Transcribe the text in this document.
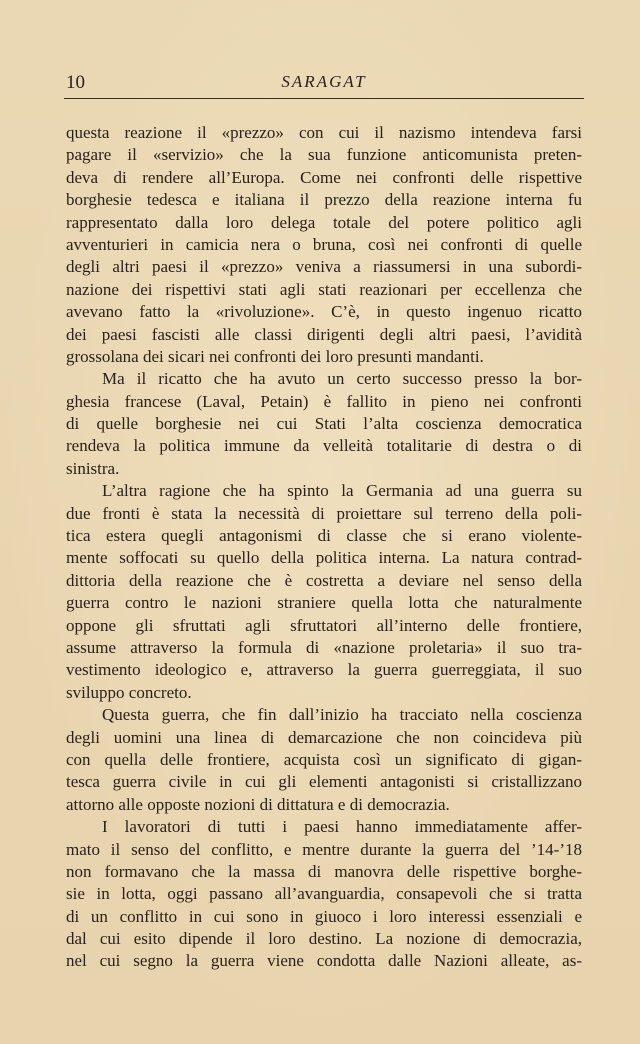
10	SARAGAT
questa reazione il «prezzo» con cui il nazismo intendeva farsi
pagare il «servizio» che la sua funzione anticomunista preten-
deva di rendere all’Europa. Come nei confronti delle rispettive
borghesie tedesca e italiana il prezzo della reazione interna fu
rappresentato dalla loro delega totale del potere politico agli
avventurieri in camicia nera o bruna, così nei confronti di quelle
degli altri paesi il «prezzo» veniva a riassumersi in una subordi-
nazione dei rispettivi stati agli stati reazionari per eccellenza che
avevano fatto la «rivoluzione». C’è, in questo ingenuo ricatto
dei paesi fascisti alle classi dirigenti degli altri paesi, l’avidità
grossolana dei sicari nei confronti dei loro presunti mandanti.
Ma il ricatto che ha avuto un certo successo presso la bor-
ghesia francese (Laval, Petain) è fallito in pieno nei confronti
di quelle borghesie nei cui Stati l’alta coscienza democratica
rendeva la politica immune da velleità totalitarie di destra o di
sinistra.
L’altra ragione che ha spinto la Germania ad una guerra su
due fronti è stata la necessità di proiettare sul terreno della poli-
tica estera quegli antagonismi di classe che si erano violente-
mente soffocati su quello della politica interna. La natura contrad-
dittoria della reazione che è costretta a deviare nel senso della
guerra contro le nazioni straniere quella lotta che naturalmente
oppone gli sfruttati agli sfruttatori all’interno delle frontiere,
assume attraverso la formula di «nazione proletaria» il suo tra-
vestimento ideologico e, attraverso la guerra guerreggiata, il suo
sviluppo concreto.
Questa guerra, che fin dall’inizio ha tracciato nella coscienza
degli uomini una linea di demarcazione che non coincideva più
con quella delle frontiere, acquista così un significato di gigan-
tesca guerra civile in cui gli elementi antagonisti si cristallizzano
attorno alle opposte nozioni di dittatura e di democrazia.
I lavoratori di tutti i paesi hanno immediatamente affer-
mato il senso del conflitto, e mentre durante la guerra del ’14-’18
non formavano che la massa di manovra delle rispettive borghe-
sie in lotta, oggi passano all’avanguardia, consapevoli che si tratta
di un conflitto in cui sono in giuoco i loro interessi essenziali e
dal cui esito dipende il loro destino. La nozione di democrazia,
nel cui segno la guerra viene condotta dalle Nazioni alleate, as-
